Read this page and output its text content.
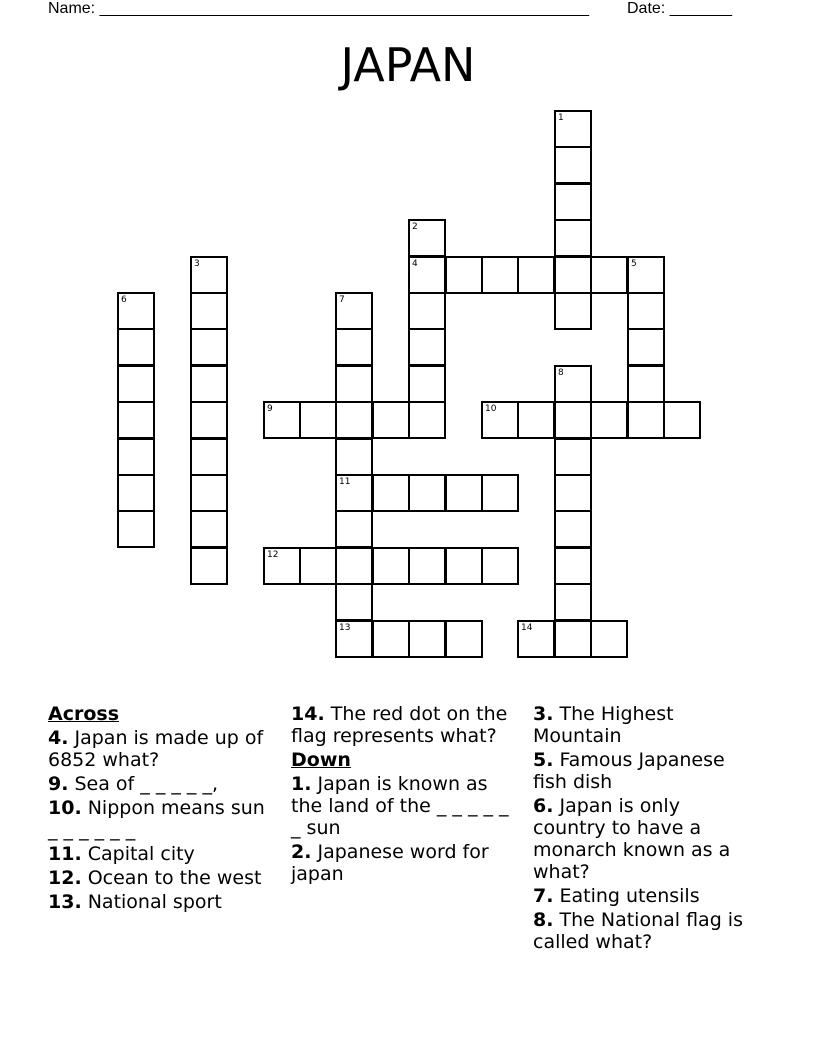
Name: _______________________________________________________ Date: _______
JAPAN
1
2
3	4	5
6	7
8
9	10
11
12
13	14
Across
4. Japan is made up of 6852 what?
9. Sea of _ _ _ _ _,
10. Nippon means sun _ _ _ _ _ _
11. Capital city
12. Ocean to the west
13. National sport
14. The red dot on the flag represents what?
Down
1. Japan is known as the land of the _ _ _ _ _ _ sun
2. Japanese word for japan
3. The Highest Mountain
5. Famous Japanese fish dish
6. Japan is only country to have a monarch known as a what?
7. Eating utensils
8. The National flag is called what?
